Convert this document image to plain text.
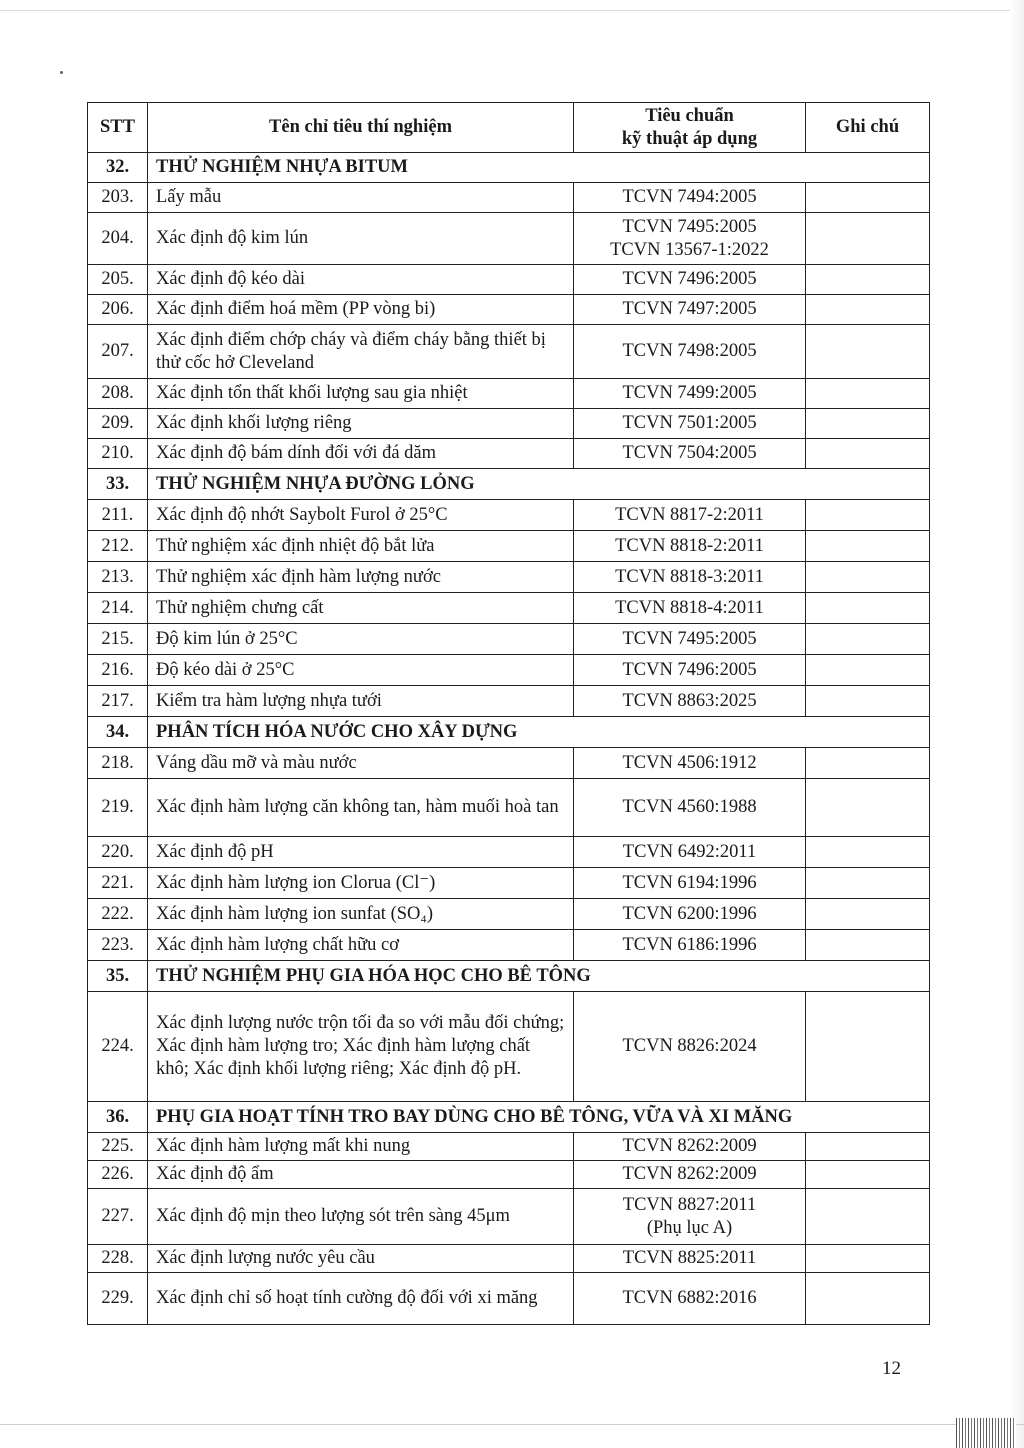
STT	Tên chỉ tiêu thí nghiệm	Tiêu chuẩn
kỹ thuật áp dụng	Ghi chú
32.	THỬ NGHIỆM NHỰA BITUM		
203.	Lấy mẫu	TCVN 7494:2005	
204.	Xác định độ kim lún	TCVN 7495:2005
TCVN 13567-1:2022	
205.	Xác định độ kéo dài	TCVN 7496:2005	
206.	Xác định điểm hoá mềm (PP vòng bi)	TCVN 7497:2005	
207.	Xác định điểm chớp cháy và điểm cháy bằng thiết bị thử cốc hở Cleveland	TCVN 7498:2005	
208.	Xác định tổn thất khối lượng sau gia nhiệt	TCVN 7499:2005	
209.	Xác định khối lượng riêng	TCVN 7501:2005	
210.	Xác định độ bám dính đối với đá dăm	TCVN 7504:2005	
33.	THỬ NGHIỆM NHỰA ĐƯỜNG LỎNG		
211.	Xác định độ nhớt Saybolt Furol ở 25°C	TCVN 8817-2:2011	
212.	Thử nghiệm xác định nhiệt độ bắt lửa	TCVN 8818-2:2011	
213.	Thử nghiệm xác định hàm lượng nước	TCVN 8818-3:2011	
214.	Thử nghiệm chưng cất	TCVN 8818-4:2011	
215.	Độ kim lún ở 25°C	TCVN 7495:2005	
216.	Độ kéo dài ở 25°C	TCVN 7496:2005	
217.	Kiểm tra hàm lượng nhựa tưới	TCVN 8863:2025	
34.	PHÂN TÍCH HÓA NƯỚC CHO XÂY DỰNG		
218.	Váng dầu mỡ và màu nước	TCVN 4506:1912	
219.	Xác định hàm lượng căn không tan, hàm muối hoà tan	TCVN 4560:1988	
220.	Xác định độ pH	TCVN 6492:2011	
221.	Xác định hàm lượng ion Clorua (Cl⁻)	TCVN 6194:1996	
222.	Xác định hàm lượng ion sunfat (SO₄)	TCVN 6200:1996	
223.	Xác định hàm lượng chất hữu cơ	TCVN 6186:1996	
35.	THỬ NGHIỆM PHỤ GIA HÓA HỌC CHO BÊ TÔNG		
224.	Xác định lượng nước trộn tối đa so với mẫu đối chứng; Xác định hàm lượng tro; Xác định hàm lượng chất khô; Xác định khối lượng riêng; Xác định độ pH.	TCVN 8826:2024	
36.	PHỤ GIA HOẠT TÍNH TRO BAY DÙNG CHO BÊ TÔNG, VỮA VÀ XI MĂNG		
225.	Xác định hàm lượng mất khi nung	TCVN 8262:2009	
226.	Xác định độ ẩm	TCVN 8262:2009	
227.	Xác định độ mịn theo lượng sót trên sàng 45μm	TCVN 8827:2011
(Phụ lục A)	
228.	Xác định lượng nước yêu cầu	TCVN 8825:2011	
229.	Xác định chỉ số hoạt tính cường độ đối với xi măng	TCVN 6882:2016	
12
